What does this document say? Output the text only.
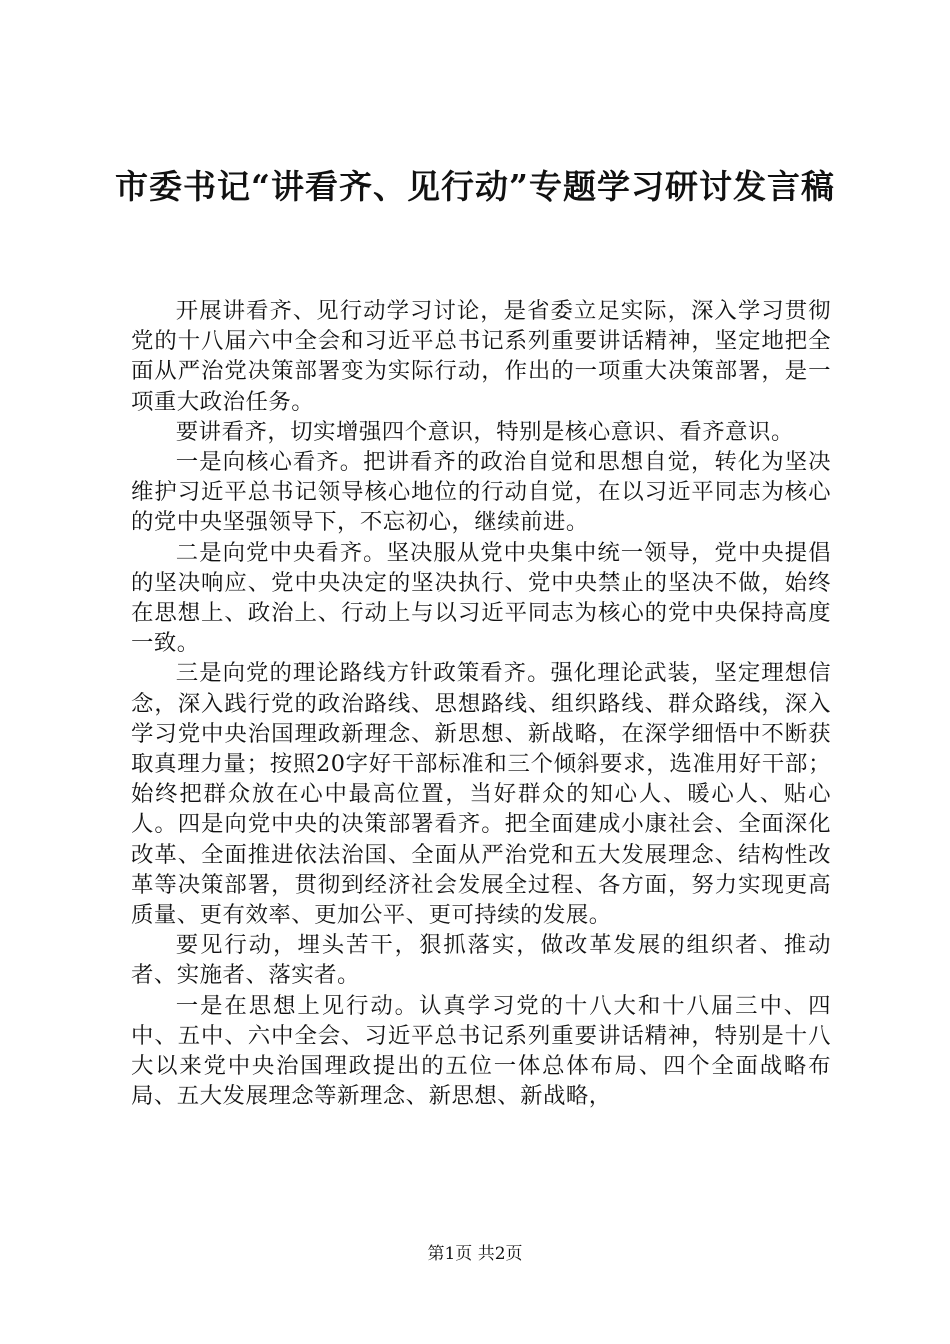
市委书记“讲看齐、见行动”专题学习研讨发言稿

开展讲看齐、见行动学习讨论，是省委立足实际，深入学习贯彻党的十八届六中全会和习近平总书记系列重要讲话精神，坚定地把全面从严治党决策部署变为实际行动，作出的一项重大决策部署，是一项重大政治任务。

要讲看齐，切实增强四个意识，特别是核心意识、看齐意识。

一是向核心看齐。把讲看齐的政治自觉和思想自觉，转化为坚决维护习近平总书记领导核心地位的行动自觉，在以习近平同志为核心的党中央坚强领导下，不忘初心，继续前进。

二是向党中央看齐。坚决服从党中央集中统一领导，党中央提倡的坚决响应、党中央决定的坚决执行、党中央禁止的坚决不做，始终在思想上、政治上、行动上与以习近平同志为核心的党中央保持高度一致。

三是向党的理论路线方针政策看齐。强化理论武装，坚定理想信念，深入践行党的政治路线、思想路线、组织路线、群众路线，深入学习党中央治国理政新理念、新思想、新战略，在深学细悟中不断获取真理力量；按照20字好干部标准和三个倾斜要求，选准用好干部；始终把群众放在心中最高位置，当好群众的知心人、暖心人、贴心人。四是向党中央的决策部署看齐。把全面建成小康社会、全面深化改革、全面推进依法治国、全面从严治党和五大发展理念、结构性改革等决策部署，贯彻到经济社会发展全过程、各方面，努力实现更高质量、更有效率、更加公平、更可持续的发展。

要见行动，埋头苦干，狠抓落实，做改革发展的组织者、推动者、实施者、落实者。

一是在思想上见行动。认真学习党的十八大和十八届三中、四中、五中、六中全会、习近平总书记系列重要讲话精神，特别是十八大以来党中央治国理政提出的五位一体总体布局、四个全面战略布局、五大发展理念等新理念、新思想、新战略，

第1页 共2页
